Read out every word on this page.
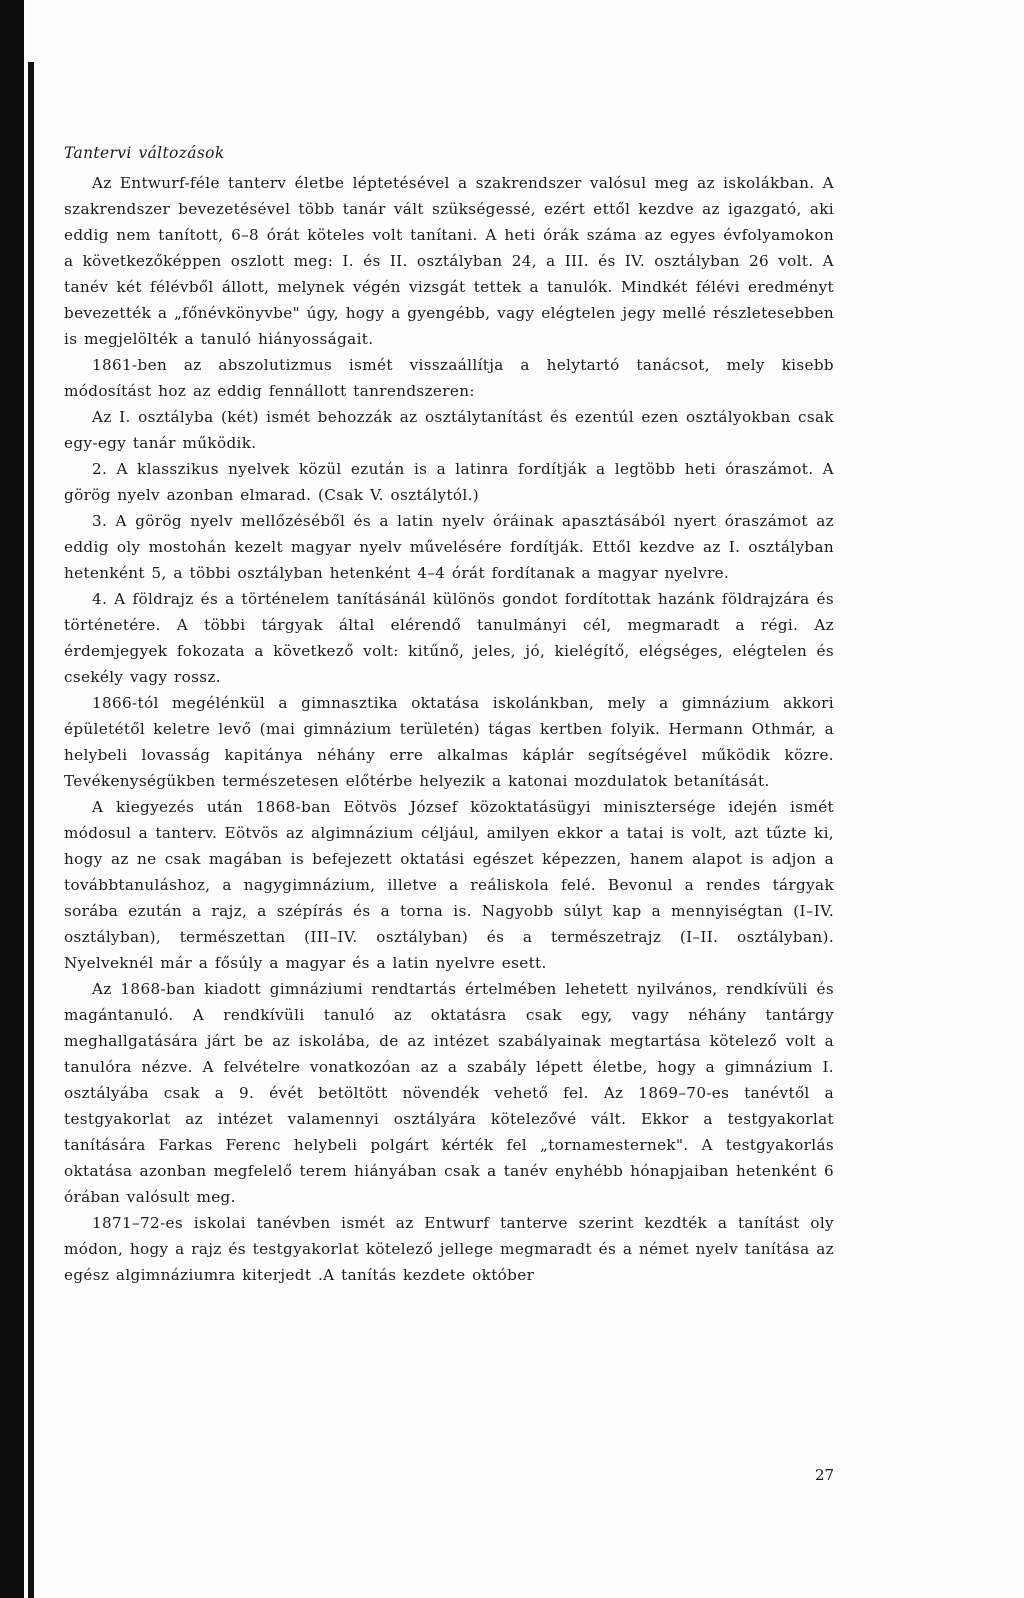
Tantervi változások

Az Entwurf-féle tanterv életbe léptetésével a szakrendszer valósul meg az iskolákban. A szakrendszer bevezetésével több tanár vált szükségessé, ezért ettől kezdve az igazgató, aki eddig nem tanított, 6–8 órát köteles volt tanítani. A heti órák száma az egyes évfolyamokon a következőképpen oszlott meg: I. és II. osztályban 24, a III. és IV. osztályban 26 volt. A tanév két félévből állott, melynek végén vizsgát tettek a tanulók. Mindkét félévi eredményt bevezették a „főnévkönyvbe" úgy, hogy a gyengébb, vagy elégtelen jegy mellé részletesebben is megjelölték a tanuló hiányosságait.

1861-ben az abszolutizmus ismét visszaállítja a helytartó tanácsot, mely kisebb módosítást hoz az eddig fennállott tanrendszeren:

Az I. osztályba (két) ismét behozzák az osztálytanítást és ezentúl ezen osztályokban csak egy-egy tanár működik.

2. A klasszikus nyelvek közül ezután is a latinra fordítják a legtöbb heti óraszámot. A görög nyelv azonban elmarad. (Csak V. osztálytól.)

3. A görög nyelv mellőzéséből és a latin nyelv óráinak apasztásából nyert óraszámot az eddig oly mostohán kezelt magyar nyelv művelésére fordítják. Ettől kezdve az I. osztályban hetenként 5, a többi osztályban hetenként 4–4 órát fordítanak a magyar nyelvre.

4. A földrajz és a történelem tanításánál különös gondot fordítottak hazánk földrajzára és történetére. A többi tárgyak által elérendő tanulmányi cél, megmaradt a régi. Az érdemjegyek fokozata a következő volt: kitűnő, jeles, jó, kielégítő, elégséges, elégtelen és csekély vagy rossz.

1866-tól megélénkül a gimnasztika oktatása iskolánkban, mely a gimnázium akkori épületétől keletre levő (mai gimnázium területén) tágas kertben folyik. Hermann Othmár, a helybeli lovasság kapitánya néhány erre alkalmas káplár segítségével működik közre. Tevékenységükben természetesen előtérbe helyezik a katonai mozdulatok betanítását.

A kiegyezés után 1868-ban Eötvös József közoktatásügyi minisztersége idején ismét módosul a tanterv. Eötvös az algimnázium céljául, amilyen ekkor a tatai is volt, azt tűzte ki, hogy az ne csak magában is befejezett oktatási egészet képezzen, hanem alapot is adjon a továbbtanuláshoz, a nagygimnázium, illetve a reáliskola felé. Bevonul a rendes tárgyak sorába ezután a rajz, a szépírás és a torna is. Nagyobb súlyt kap a mennyiségtan (I–IV. osztályban), természettan (III–IV. osztályban) és a természetrajz (I–II. osztályban). Nyelveknél már a fősúly a magyar és a latin nyelvre esett.

Az 1868-ban kiadott gimnáziumi rendtartás értelmében lehetett nyilvános, rendkívüli és magántanuló. A rendkívüli tanuló az oktatásra csak egy, vagy néhány tantárgy meghallgatására járt be az iskolába, de az intézet szabályainak megtartása kötelező volt a tanulóra nézve. A felvételre vonatkozóan az a szabály lépett életbe, hogy a gimnázium I. osztályába csak a 9. évét betöltött növendék vehető fel. Az 1869–70-es tanévtől a testgyakorlat az intézet valamennyi osztályára kötelezővé vált. Ekkor a testgyakorlat tanítására Farkas Ferenc helybeli polgárt kérték fel „tornamesternek". A testgyakorlás oktatása azonban megfelelő terem hiányában csak a tanév enyhébb hónapjaiban hetenként 6 órában valósult meg.

1871–72-es iskolai tanévben ismét az Entwurf tanterve szerint kezdték a tanítást oly módon, hogy a rajz és testgyakorlat kötelező jellege megmaradt és a német nyelv tanítása az egész algimnáziumra kiterjedt .A tanítás kezdete október

27
